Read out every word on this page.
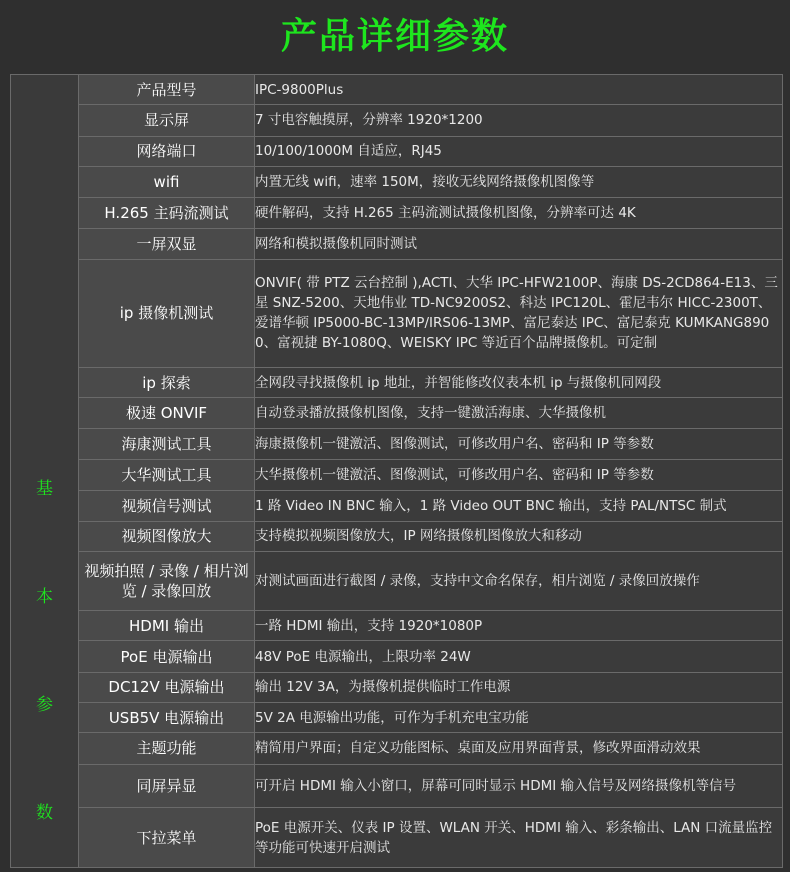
产品详细参数
基
本
参
数	产品型号	IPC-9800Plus
	显示屏	7 寸电容触摸屏，分辨率 1920*1200
	网络端口	10/100/1000M 自适应，RJ45
	wifi	内置无线 wifi，速率 150M，接收无线网络摄像机图像等
	H.265 主码流测试	硬件解码，支持 H.265 主码流测试摄像机图像，分辨率可达 4K
	一屏双显	网络和模拟摄像机同时测试
	ip 摄像机测试	ONVIF( 带 PTZ 云台控制 ),ACTI、大华 IPC-HFW2100P、海康 DS-2CD864-E13、三星 SNZ-5200、天地伟业 TD-NC9200S2、科达 IPC120L、霍尼韦尔 HICC-2300T、爱谱华顿 IP5000-BC-13MP/IRS06-13MP、富尼泰达 IPC、富尼泰克 KUMKANG8900、富视捷 BY-1080Q、WEISKY IPC 等近百个品牌摄像机。可定制
	ip 探索	全网段寻找摄像机 ip 地址，并智能修改仪表本机 ip 与摄像机同网段
	极速 ONVIF	自动登录播放摄像机图像，支持一键激活海康、大华摄像机
	海康测试工具	海康摄像机一键激活、图像测试，可修改用户名、密码和 IP 等参数
	大华测试工具	大华摄像机一键激活、图像测试，可修改用户名、密码和 IP 等参数
	视频信号测试	1 路 Video IN BNC 输入，1 路 Video OUT BNC 输出，支持 PAL/NTSC 制式
	视频图像放大	支持模拟视频图像放大，IP 网络摄像机图像放大和移动
	视频拍照 / 录像 / 相片浏览 / 录像回放	对测试画面进行截图 / 录像，支持中文命名保存，相片浏览 / 录像回放操作
	HDMI 输出	一路 HDMI 输出，支持 1920*1080P
	PoE 电源输出	48V PoE 电源输出，上限功率 24W
	DC12V 电源输出	输出 12V 3A，为摄像机提供临时工作电源
	USB5V 电源输出	5V 2A 电源输出功能，可作为手机充电宝功能
	主题功能	精简用户界面；自定义功能图标、桌面及应用界面背景，修改界面滑动效果
	同屏异显	可开启 HDMI 输入小窗口，屏幕可同时显示 HDMI 输入信号及网络摄像机等信号
	下拉菜单	PoE 电源开关、仪表 IP 设置、WLAN 开关、HDMI 输入、彩条输出、LAN 口流量监控等功能可快速开启测试
